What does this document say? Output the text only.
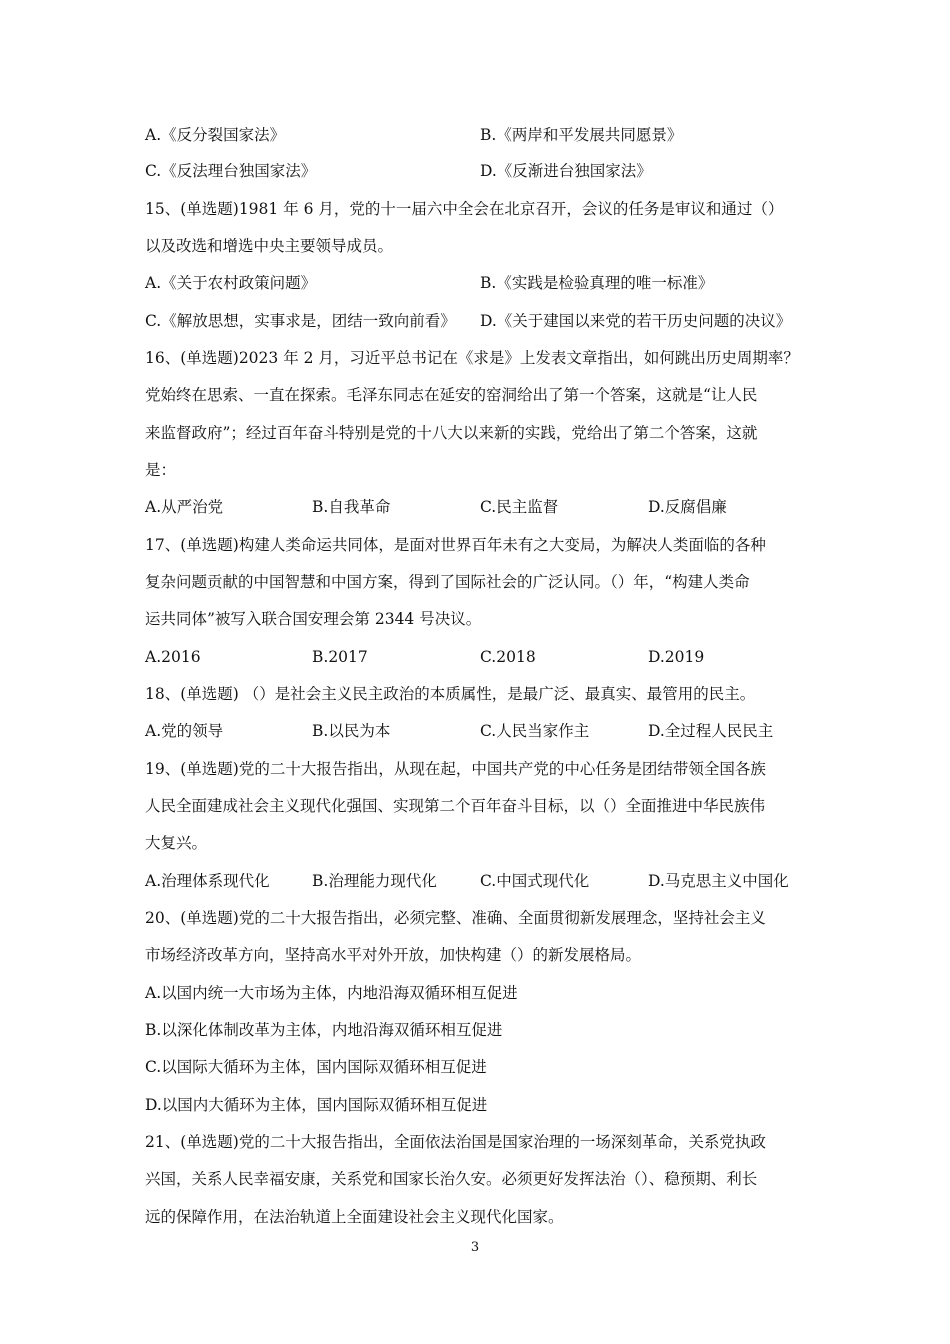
A.《反分裂国家法》	B.《两岸和平发展共同愿景》
C.《反法理台独国家法》	D.《反渐进台独国家法》
15、(单选题)1981 年 6 月，党的十一届六中全会在北京召开，会议的任务是审议和通过（）
以及改选和增选中央主要领导成员。
A.《关于农村政策问题》	B.《实践是检验真理的唯一标准》
C.《解放思想，实事求是，团结一致向前看》 D.《关于建国以来党的若干历史问题的决议》
16、(单选题)2023 年 2 月，习近平总书记在《求是》上发表文章指出，如何跳出历史周期率？
党始终在思索、一直在探索。毛泽东同志在延安的窑洞给出了第一个答案，这就是“让人民
来监督政府”；经过百年奋斗特别是党的十八大以来新的实践，党给出了第二个答案，这就
是：
A.从严治党	B.自我革命	C.民主监督	D.反腐倡廉
17、(单选题)构建人类命运共同体，是面对世界百年未有之大变局，为解决人类面临的各种
复杂问题贡献的中国智慧和中国方案，得到了国际社会的广泛认同。（）年，“构建人类命
运共同体”被写入联合国安理会第 2344 号决议。
A.2016	B.2017	C.2018	D.2019
18、(单选题) （）是社会主义民主政治的本质属性，是最广泛、最真实、最管用的民主。
A.党的领导	B.以民为本	C.人民当家作主	D.全过程人民民主
19、(单选题)党的二十大报告指出，从现在起，中国共产党的中心任务是团结带领全国各族
人民全面建成社会主义现代化强国、实现第二个百年奋斗目标，以（）全面推进中华民族伟
大复兴。
A.治理体系现代化	B.治理能力现代化	C.中国式现代化	D.马克思主义中国化
20、(单选题)党的二十大报告指出，必须完整、准确、全面贯彻新发展理念，坚持社会主义
市场经济改革方向，坚持高水平对外开放，加快构建（）的新发展格局。
A.以国内统一大市场为主体，内地沿海双循环相互促进
B.以深化体制改革为主体，内地沿海双循环相互促进
C.以国际大循环为主体，国内国际双循环相互促进
D.以国内大循环为主体，国内国际双循环相互促进
21、(单选题)党的二十大报告指出，全面依法治国是国家治理的一场深刻革命，关系党执政
兴国，关系人民幸福安康，关系党和国家长治久安。必须更好发挥法治（）、稳预期、利长
远的保障作用，在法治轨道上全面建设社会主义现代化国家。
3
